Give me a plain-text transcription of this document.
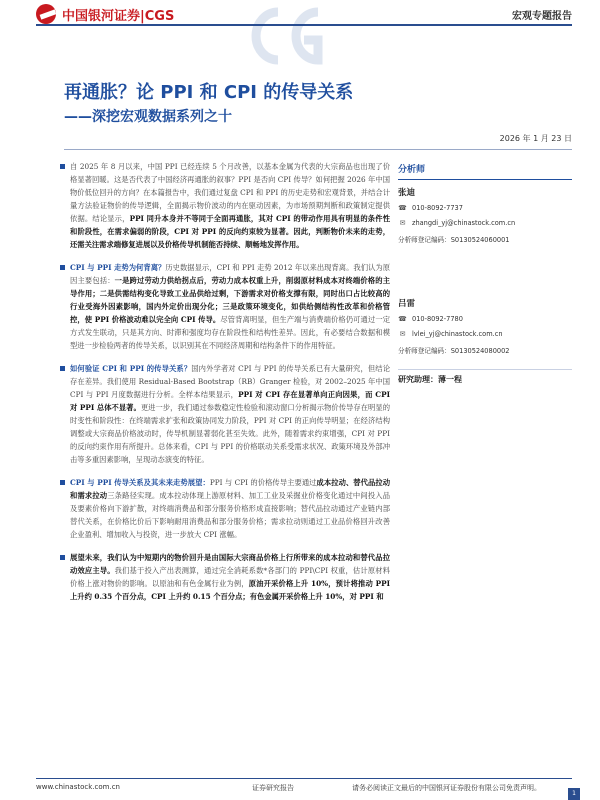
中国银河证券|CGS	宏观专题报告
再通胀？论 PPI 和 CPI 的传导关系
——深挖宏观数据系列之十
2026 年 1 月 23 日
自 2025 年 8 月以来，中国 PPI 已经连续 5 个月改善，以基本金属为代表的大宗商品也出现了价格显著回暖。这是否代表了中国经济再通胀的叙事？PPI 是否向 CPI 传导？如何把握 2026 年中国物价低位回升的方向？在本篇报告中，我们通过复盘 CPI 和 PPI 的历史走势和宏观背景，并结合计量方法验证物价的传导逻辑，全面揭示物价波动的内在驱动因素，为市场预期判断和政策制定提供依据。结论显示，PPI 同升本身并不等同于全面再通胀，其对 CPI 的带动作用具有明显的条件性和阶段性，在需求偏弱的阶段，CPI 对 PPI 的反向约束较为显著。因此，判断物价未来的走势，还需关注需求端修复进展以及价格传导机制能否持续、顺畅地发挥作用。
CPI 与 PPI 走势为何背离？历史数据显示，CPI 和 PPI 走势 2012 年以来出现背离。我们认为原因主要包括：一是跨过劳动力供给拐点后，劳动力成本权重上升，削弱原材料成本对终端价格的主导作用；二是供需结构变化导致工业品供给过剩，下游需求对价格支撑有限，同时出口占比较高的行业受海外因素影响，国内外定价出现分化；三是政策环境变化，如供给侧结构性改革和价格管控，使 PPI 价格波动难以完全向 CPI 传导。尽管背离明显，但生产端与消费端价格仍可通过一定方式发生联动，只是其方向、时滞和强度均存在阶段性和结构性差异。因此，有必要结合数据和模型进一步检验两者的传导关系，以识别其在不同经济周期和结构条件下的作用特征。
如何验证 CPI 和 PPI 的传导关系？国内外学者对 CPI 与 PPI 的传导关系已有大量研究，但结论存在差异。我们使用 Residual-Based Bootstrap（RB）Granger 检验，对 2002–2025 年中国 CPI 与 PPI 月度数据进行分析。全样本结果显示，PPI 对 CPI 存在显著单向正向因果，而 CPI 对 PPI 总体不显著。更进一步，我们通过参数稳定性检验和滚动窗口分析揭示物价传导存在明显的时变性和阶段性：在终端需求扩张和政策协同发力阶段，PPI 对 CPI 的正向传导明显；在经济结构调整或大宗商品价格波动时，传导机制显著弱化甚至失效。此外，随着需求约束增强，CPI 对 PPI 的反向约束作用有所提升。总体来看，CPI 与 PPI 的价格联动关系受需求状况、政策环境及外部冲击等多重因素影响，呈现动态演变的特征。
CPI 与 PPI 传导关系及其未来走势展望：PPI 与 CPI 的价格传导主要通过成本拉动、替代品拉动和需求拉动三条路径实现。成本拉动体现上游原材料、加工工业及采掘业价格变化通过中间投入品及要素价格向下游扩散，对终端消费品和部分服务价格形成直接影响；替代品拉动通过产业链内部替代关系，在价格比价后下影响耐用消费品和部分服务价格；需求拉动则通过工业品价格回升改善企业盈利、增加收入与投资，进一步放大 CPI 涨幅。
展望未来，我们认为中短期内的物价回升是由国际大宗商品价格上行所带来的成本拉动和替代品拉动效应主导。我们基于投入产出表测算，通过完全消耗系数*各部门的 PPI\CPI 权重，估计原材料价格上涨对物价的影响。以原油和有色金属行业为例，原油开采价格上升 10%，预计将推动 PPI 上升约 0.35 个百分点，CPI 上升约 0.15 个百分点；有色金属开采价格上升 10%，对 PPI 和
分析师
张迪
☎ 010-8092-7737
✉ zhangdi_yj@chinastock.com.cn
分析师登记编码：S0130524060001
吕雷
☎ 010-8092-7780
✉ lvlei_yj@chinastock.com.cn
分析师登记编码：S0130524080002
研究助理：薄一程
www.chinastock.com.cn	证券研究报告	请务必阅读正文最后的中国银河证券股份有限公司免责声明。
1
